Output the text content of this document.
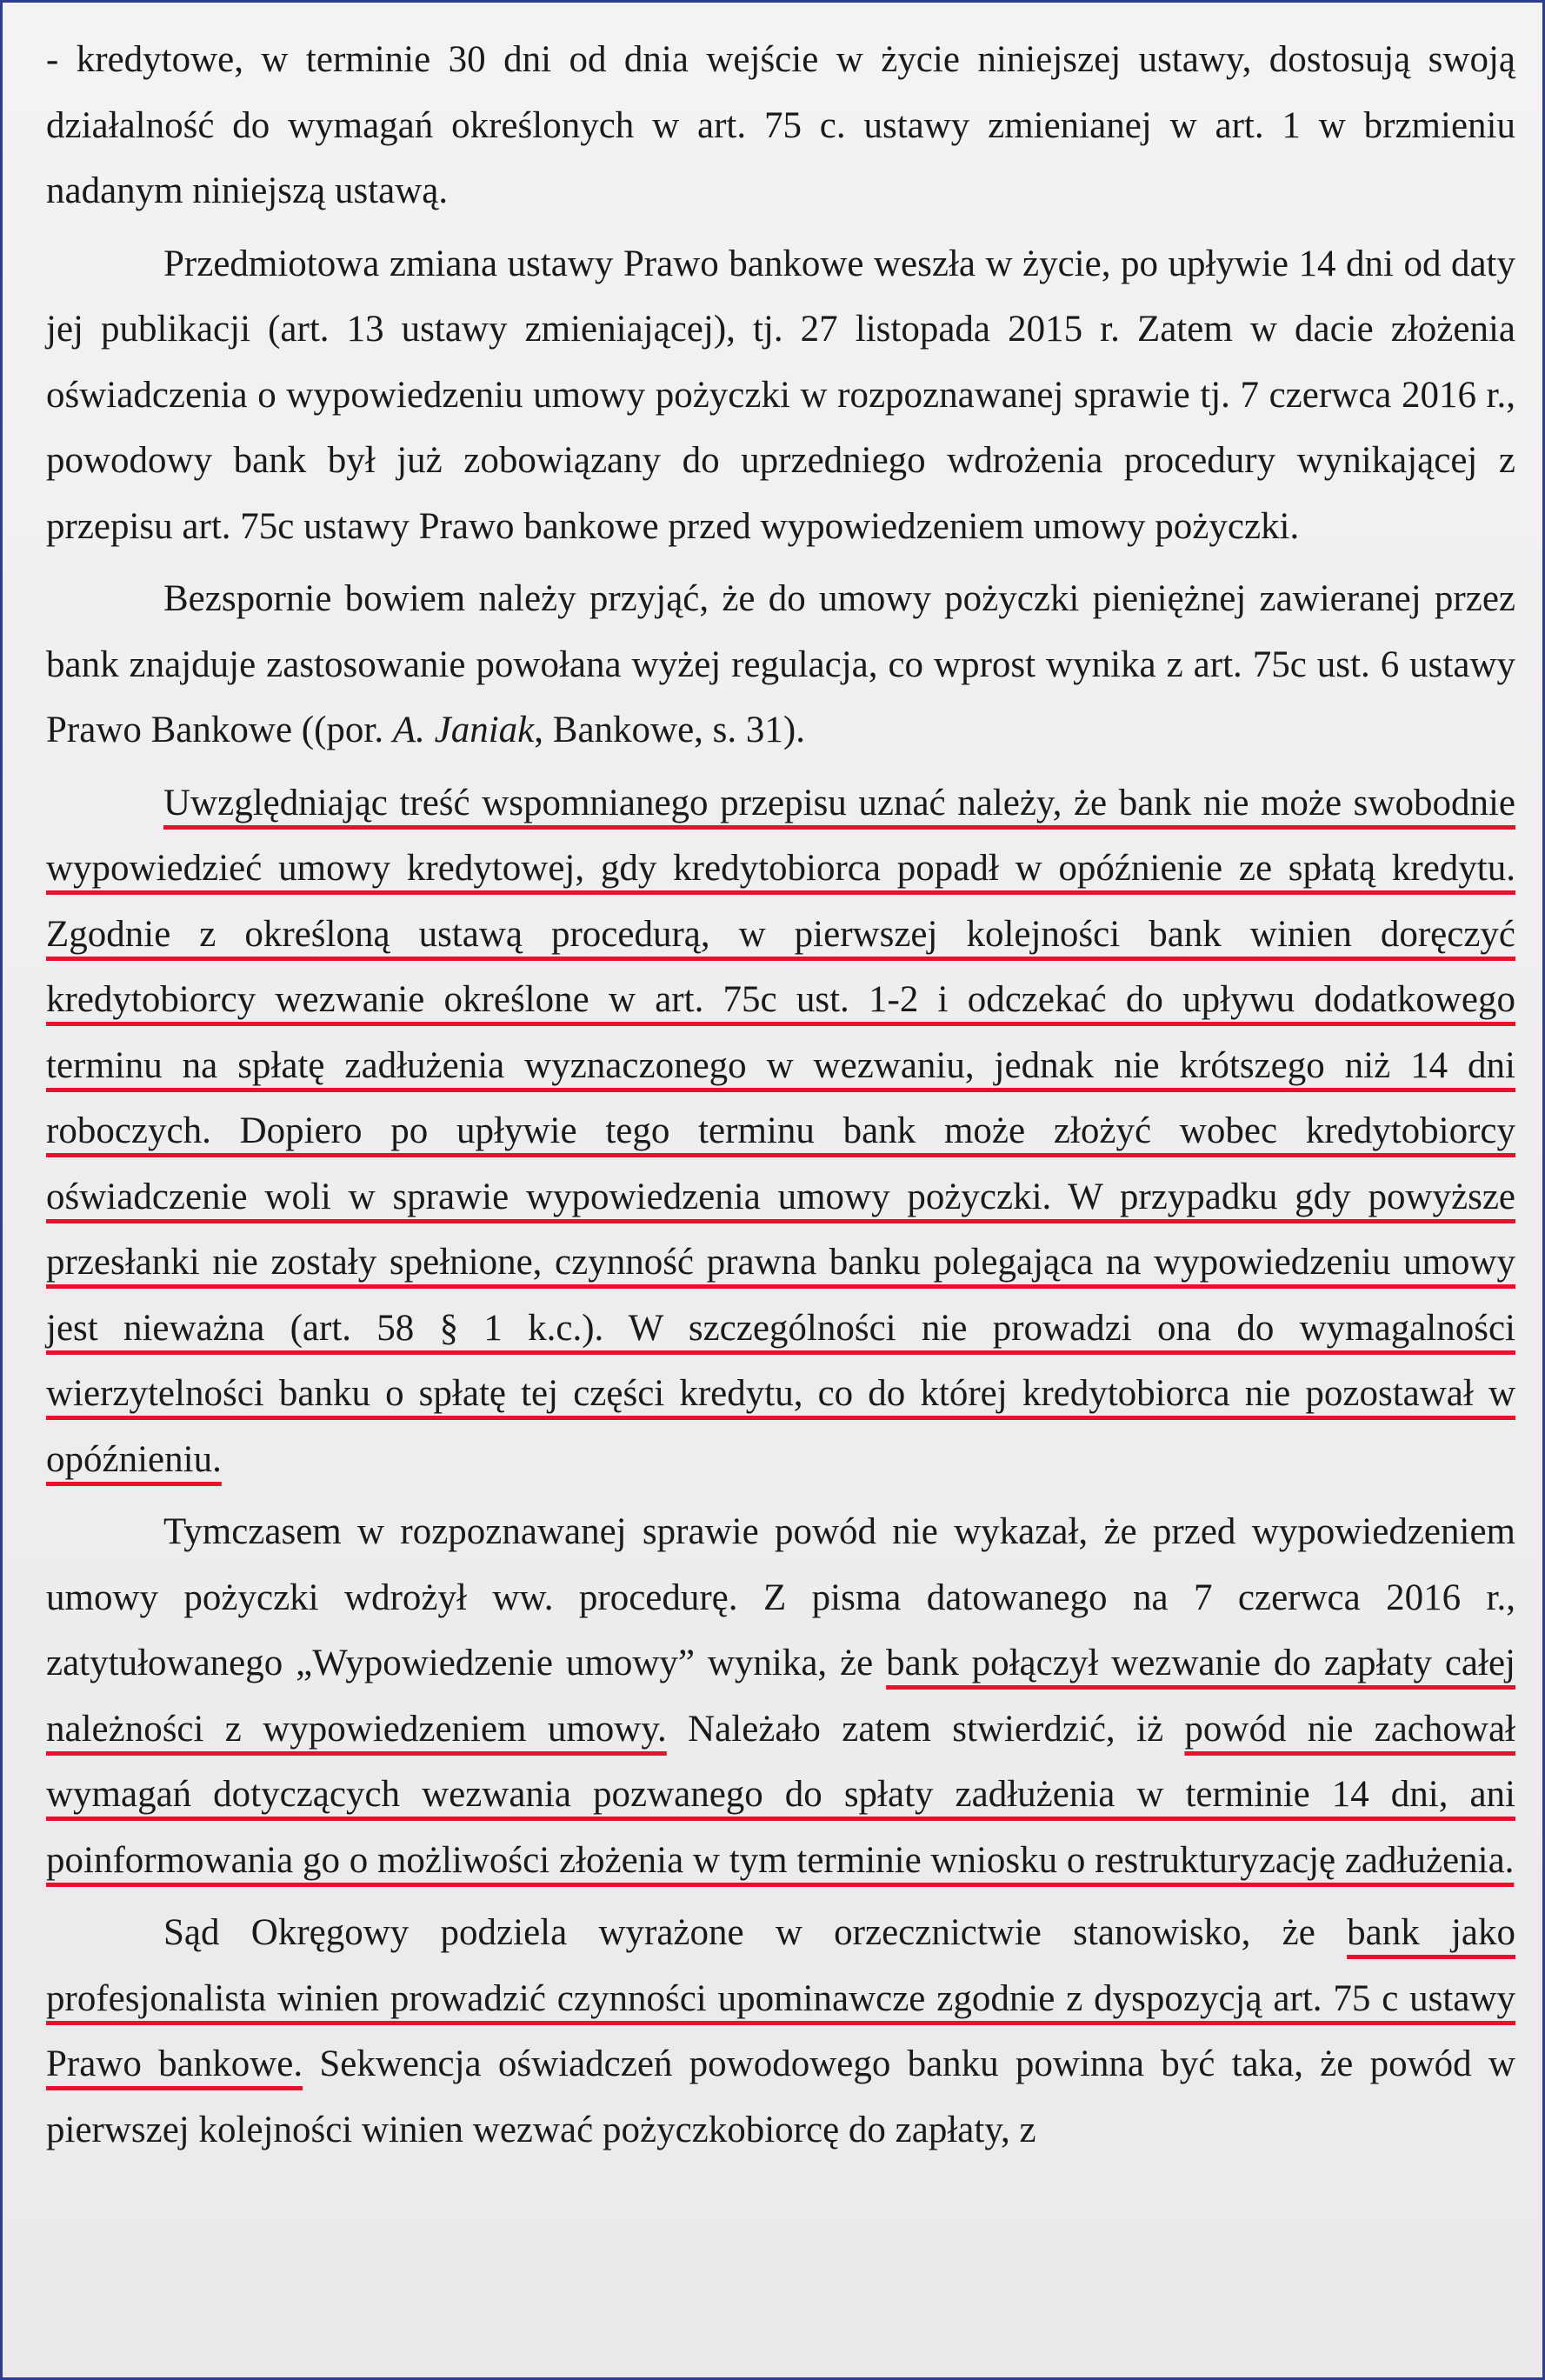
- kredytowe, w terminie 30 dni od dnia wejście w życie niniejszej ustawy, dostosują swoją działalność do wymagań określonych w art. 75 c. ustawy zmienianej w art. 1 w brzmieniu nadanym niniejszą ustawą.

Przedmiotowa zmiana ustawy Prawo bankowe weszła w życie, po upływie 14 dni od daty jej publikacji (art. 13 ustawy zmieniającej), tj. 27 listopada 2015 r. Zatem w dacie złożenia oświadczenia o wypowiedzeniu umowy pożyczki w rozpoznawanej sprawie tj. 7 czerwca 2016 r., powodowy bank był już zobowiązany do uprzedniego wdrożenia procedury wynikającej z przepisu art. 75c ustawy Prawo bankowe przed wypowiedzeniem umowy pożyczki.

Bezspornie bowiem należy przyjąć, że do umowy pożyczki pieniężnej zawieranej przez bank znajduje zastosowanie powołana wyżej regulacja, co wprost wynika z art. 75c ust. 6 ustawy Prawo Bankowe ((por. A. Janiak, Bankowe, s. 31).

Uwzględniając treść wspomnianego przepisu uznać należy, że bank nie może swobodnie wypowiedzieć umowy kredytowej, gdy kredytobiorca popadł w opóźnienie ze spłatą kredytu. Zgodnie z określoną ustawą procedurą, w pierwszej kolejności bank winien doręczyć kredytobiorcy wezwanie określone w art. 75c ust. 1-2 i odczekać do upływu dodatkowego terminu na spłatę zadłużenia wyznaczonego w wezwaniu, jednak nie krótszego niż 14 dni roboczych. Dopiero po upływie tego terminu bank może złożyć wobec kredytobiorcy oświadczenie woli w sprawie wypowiedzenia umowy pożyczki. W przypadku gdy powyższe przesłanki nie zostały spełnione, czynność prawna banku polegająca na wypowiedzeniu umowy jest nieważna (art. 58 § 1 k.c.). W szczególności nie prowadzi ona do wymagalności wierzytelności banku o spłatę tej części kredytu, co do której kredytobiorca nie pozostawał w opóźnieniu.

Tymczasem w rozpoznawanej sprawie powód nie wykazał, że przed wypowiedzeniem umowy pożyczki wdrożył ww. procedurę. Z pisma datowanego na 7 czerwca 2016 r., zatytułowanego „Wypowiedzenie umowy” wynika, że bank połączył wezwanie do zapłaty całej należności z wypowiedzeniem umowy. Należało zatem stwierdzić, iż powód nie zachował wymagań dotyczących wezwania pozwanego do spłaty zadłużenia w terminie 14 dni, ani poinformowania go o możliwości złożenia w tym terminie wniosku o restrukturyzację zadłużenia.

Sąd Okręgowy podziela wyrażone w orzecznictwie stanowisko, że bank jako profesjonalista winien prowadzić czynności upominawcze zgodnie z dyspozycją art. 75 c ustawy Prawo bankowe. Sekwencja oświadczeń powodowego banku powinna być taka, że powód w pierwszej kolejności winien wezwać pożyczkobiorcę do zapłaty, z
